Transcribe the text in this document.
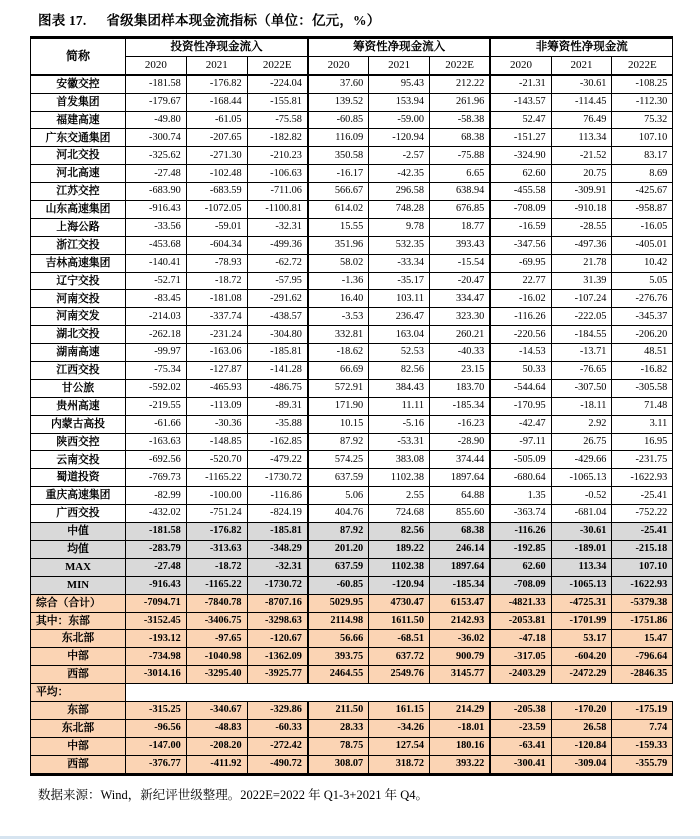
图表 17. 省级集团样本现金流指标（单位：亿元，%）
简称	投资性净现金流入			筹资性净现金流入			非筹资性净现金流		
	2020	2021	2022E	2020	2021	2022E	2020	2021	2022E
安徽交控	-181.58	-176.82	-224.04	37.60	95.43	212.22	-21.31	-30.61	-108.25
首发集团	-179.67	-168.44	-155.81	139.52	153.94	261.96	-143.57	-114.45	-112.30
福建高速	-49.80	-61.05	-75.58	-60.85	-59.00	-58.38	52.47	76.49	75.32
广东交通集团	-300.74	-207.65	-182.82	116.09	-120.94	68.38	-151.27	113.34	107.10
河北交投	-325.62	-271.30	-210.23	350.58	-2.57	-75.88	-324.90	-21.52	83.17
河北高速	-27.48	-102.48	-106.63	-16.17	-42.35	6.65	62.60	20.75	8.69
江苏交控	-683.90	-683.59	-711.06	566.67	296.58	638.94	-455.58	-309.91	-425.67
山东高速集团	-916.43	-1072.05	-1100.81	614.02	748.28	676.85	-708.09	-910.18	-958.87
上海公路	-33.56	-59.01	-32.31	15.55	9.78	18.77	-16.59	-28.55	-16.05
浙江交投	-453.68	-604.34	-499.36	351.96	532.35	393.43	-347.56	-497.36	-405.01
吉林高速集团	-140.41	-78.93	-62.72	58.02	-33.34	-15.54	-69.95	21.78	10.42
辽宁交投	-52.71	-18.72	-57.95	-1.36	-35.17	-20.47	22.77	31.39	5.05
河南交投	-83.45	-181.08	-291.62	16.40	103.11	334.47	-16.02	-107.24	-276.76
河南交发	-214.03	-337.74	-438.57	-3.53	236.47	323.30	-116.26	-222.05	-345.37
湖北交投	-262.18	-231.24	-304.80	332.81	163.04	260.21	-220.56	-184.55	-206.20
湖南高速	-99.97	-163.06	-185.81	-18.62	52.53	-40.33	-14.53	-13.71	48.51
江西交投	-75.34	-127.87	-141.28	66.69	82.56	23.15	50.33	-76.65	-16.82
甘公旅	-592.02	-465.93	-486.75	572.91	384.43	183.70	-544.64	-307.50	-305.58
贵州高速	-219.55	-113.09	-89.31	171.90	11.11	-185.34	-170.95	-18.11	71.48
内蒙古高投	-61.66	-30.36	-35.88	10.15	-5.16	-16.23	-42.47	2.92	3.11
陕西交控	-163.63	-148.85	-162.85	87.92	-53.31	-28.90	-97.11	26.75	16.95
云南交投	-692.56	-520.70	-479.22	574.25	383.08	374.44	-505.09	-429.66	-231.75
蜀道投资	-769.73	-1165.22	-1730.72	637.59	1102.38	1897.64	-680.64	-1065.13	-1622.93
重庆高速集团	-82.99	-100.00	-116.86	5.06	2.55	64.88	1.35	-0.52	-25.41
广西交投	-432.02	-751.24	-824.19	404.76	724.68	855.60	-363.74	-681.04	-752.22
中值	-181.58	-176.82	-185.81	87.92	82.56	68.38	-116.26	-30.61	-25.41
均值	-283.79	-313.63	-348.29	201.20	189.22	246.14	-192.85	-189.01	-215.18
MAX	-27.48	-18.72	-32.31	637.59	1102.38	1897.64	62.60	113.34	107.10
MIN	-916.43	-1165.22	-1730.72	-60.85	-120.94	-185.34	-708.09	-1065.13	-1622.93
综合（合计）	-7094.71	-7840.78	-8707.16	5029.95	4730.47	6153.47	-4821.33	-4725.31	-5379.38
其中：东部	-3152.45	-3406.75	-3298.63	2114.98	1611.50	2142.93	-2053.81	-1701.99	-1751.86
东北部	-193.12	-97.65	-120.67	56.66	-68.51	-36.02	-47.18	53.17	15.47
中部	-734.98	-1040.98	-1362.09	393.75	637.72	900.79	-317.05	-604.20	-796.64
西部	-3014.16	-3295.40	-3925.77	2464.55	2549.76	3145.77	-2403.29	-2472.29	-2846.35
平均：									
东部	-315.25	-340.67	-329.86	211.50	161.15	214.29	-205.38	-170.20	-175.19
东北部	-96.56	-48.83	-60.33	28.33	-34.26	-18.01	-23.59	26.58	7.74
中部	-147.00	-208.20	-272.42	78.75	127.54	180.16	-63.41	-120.84	-159.33
西部	-376.77	-411.92	-490.72	308.07	318.72	393.22	-300.41	-309.04	-355.79
数据来源：Wind，新纪评世级整理。2022E=2022 年 Q1-3+2021 年 Q4。
